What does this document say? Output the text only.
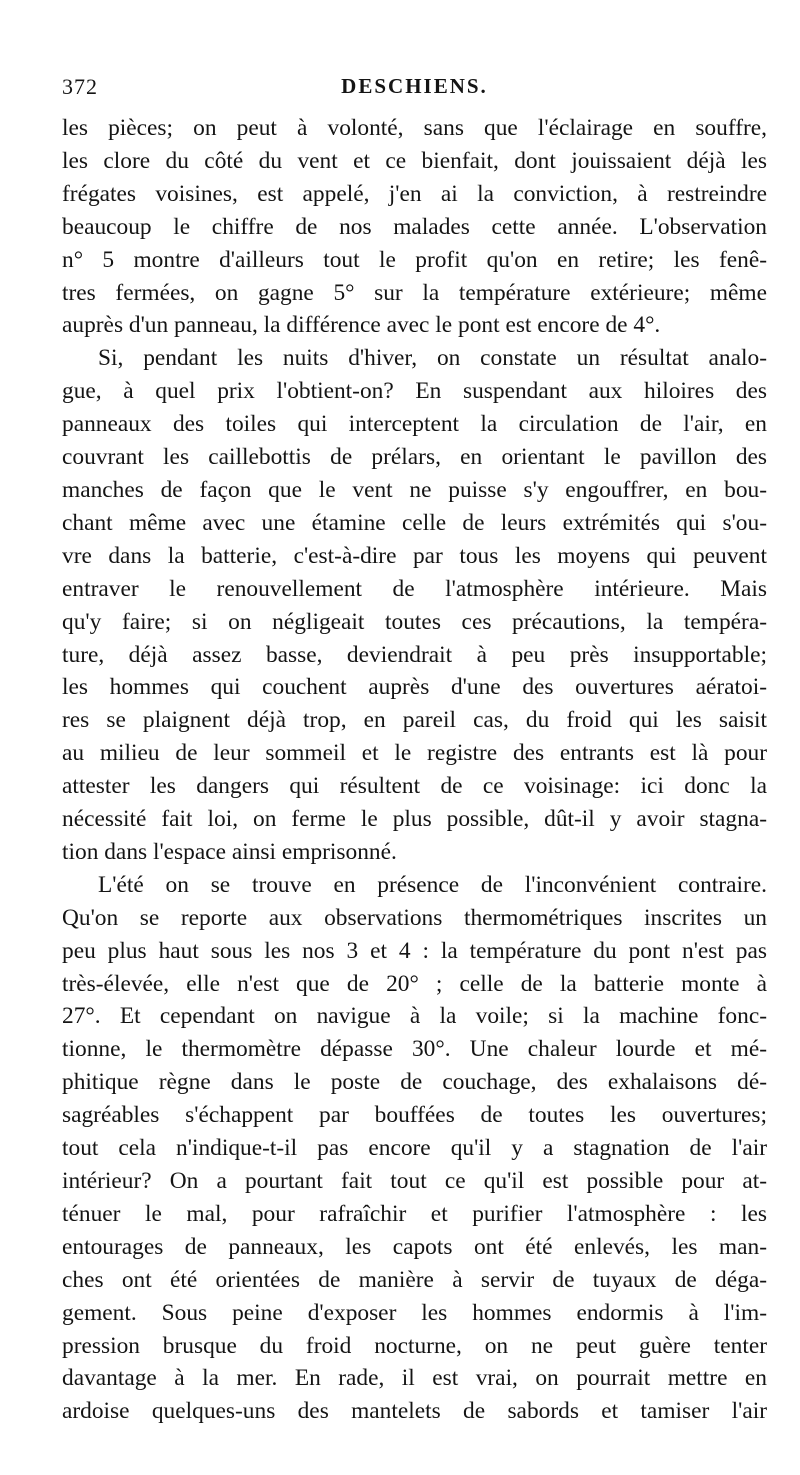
372	DESCHIENS.
les pièces; on peut à volonté, sans que l'éclairage en souffre,
les clore du côté du vent et ce bienfait, dont jouissaient déjà les
frégates voisines, est appelé, j'en ai la conviction, à restreindre
beaucoup le chiffre de nos malades cette année. L'observation
n° 5 montre d'ailleurs tout le profit qu'on en retire; les fenê-
tres fermées, on gagne 5° sur la température extérieure; même
auprès d'un panneau, la différence avec le pont est encore de 4°.
Si, pendant les nuits d'hiver, on constate un résultat analo-
gue, à quel prix l'obtient-on? En suspendant aux hiloires des
panneaux des toiles qui interceptent la circulation de l'air, en
couvrant les caillebottis de prélars, en orientant le pavillon des
manches de façon que le vent ne puisse s'y engouffrer, en bou-
chant même avec une étamine celle de leurs extrémités qui s'ou-
vre dans la batterie, c'est-à-dire par tous les moyens qui peuvent
entraver le renouvellement de l'atmosphère intérieure. Mais
qu'y faire; si on négligeait toutes ces précautions, la tempéra-
ture, déjà assez basse, deviendrait à peu près insupportable;
les hommes qui couchent auprès d'une des ouvertures aératoi-
res se plaignent déjà trop, en pareil cas, du froid qui les saisit
au milieu de leur sommeil et le registre des entrants est là pour
attester les dangers qui résultent de ce voisinage: ici donc la
nécessité fait loi, on ferme le plus possible, dût-il y avoir stagna-
tion dans l'espace ainsi emprisonné.
L'été on se trouve en présence de l'inconvénient contraire.
Qu'on se reporte aux observations thermométriques inscrites un
peu plus haut sous les nos 3 et 4 : la température du pont n'est pas
très-élevée, elle n'est que de 20° ; celle de la batterie monte à
27°. Et cependant on navigue à la voile; si la machine fonc-
tionne, le thermomètre dépasse 30°. Une chaleur lourde et mé-
phitique règne dans le poste de couchage, des exhalaisons dé-
sagréables s'échappent par bouffées de toutes les ouvertures;
tout cela n'indique-t-il pas encore qu'il y a stagnation de l'air
intérieur? On a pourtant fait tout ce qu'il est possible pour at-
ténuer le mal, pour rafraîchir et purifier l'atmosphère : les
entourages de panneaux, les capots ont été enlevés, les man-
ches ont été orientées de manière à servir de tuyaux de déga-
gement. Sous peine d'exposer les hommes endormis à l'im-
pression brusque du froid nocturne, on ne peut guère tenter
davantage à la mer. En rade, il est vrai, on pourrait mettre en
ardoise quelques-uns des mantelets de sabords et tamiser l'air
